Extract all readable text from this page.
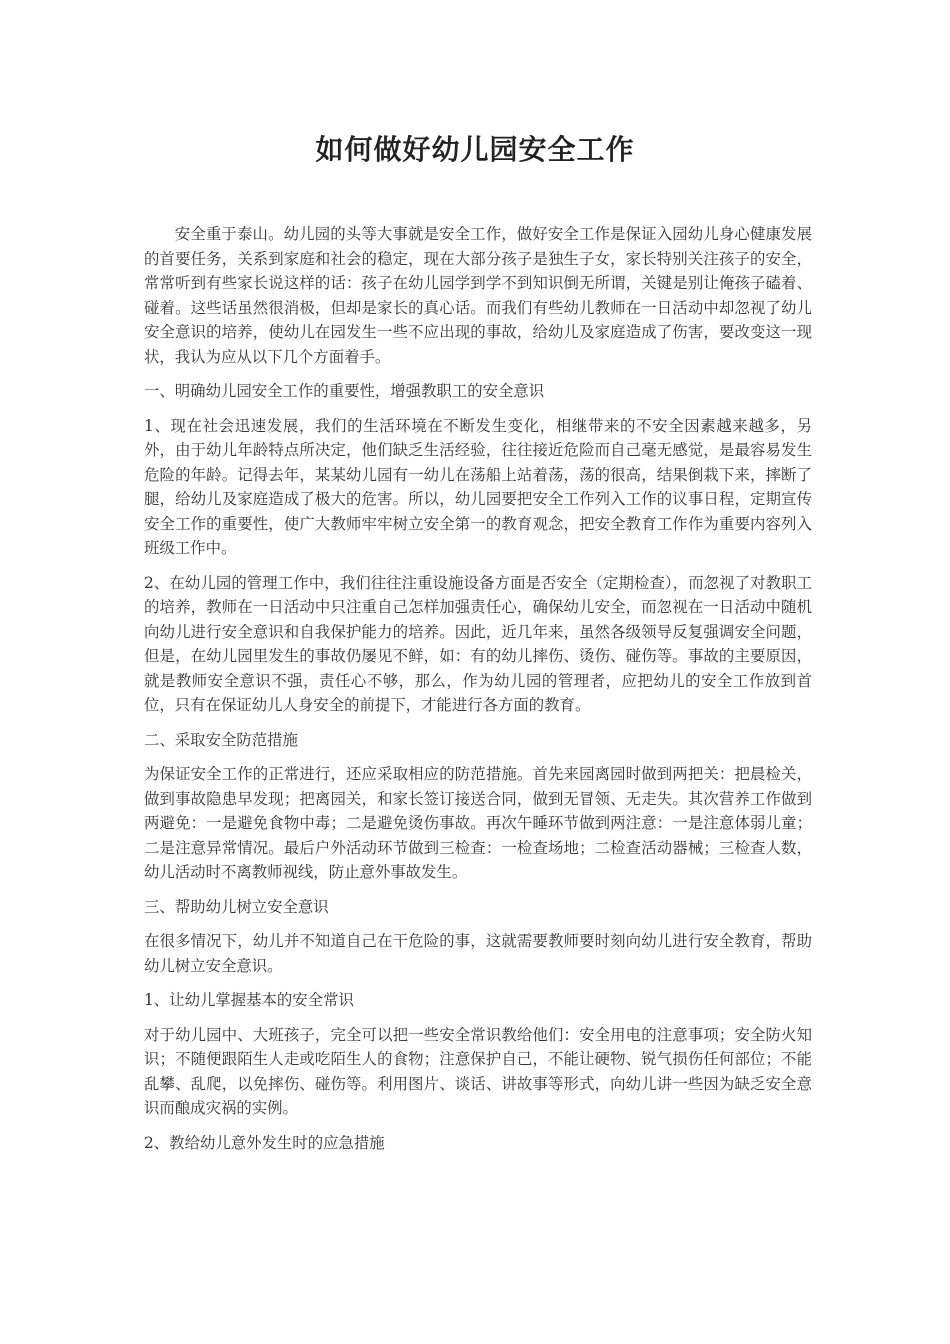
如何做好幼儿园安全工作

安全重于泰山。幼儿园的头等大事就是安全工作，做好安全工作是保证入园幼儿身心健康发展的首要任务，关系到家庭和社会的稳定，现在大部分孩子是独生子女，家长特别关注孩子的安全，常常听到有些家长说这样的话：孩子在幼儿园学到学不到知识倒无所谓，关键是别让俺孩子磕着、碰着。这些话虽然很消极，但却是家长的真心话。而我们有些幼儿教师在一日活动中却忽视了幼儿安全意识的培养，使幼儿在园发生一些不应出现的事故，给幼儿及家庭造成了伤害，要改变这一现状，我认为应从以下几个方面着手。

一、明确幼儿园安全工作的重要性，增强教职工的安全意识

1、现在社会迅速发展，我们的生活环境在不断发生变化，相继带来的不安全因素越来越多，另外，由于幼儿年龄特点所决定，他们缺乏生活经验，往往接近危险而自己毫无感觉，是最容易发生危险的年龄。记得去年，某某幼儿园有一幼儿在荡船上站着荡，荡的很高，结果倒栽下来，摔断了腿，给幼儿及家庭造成了极大的危害。所以，幼儿园要把安全工作列入工作的议事日程，定期宣传安全工作的重要性，使广大教师牢牢树立安全第一的教育观念，把安全教育工作作为重要内容列入班级工作中。

2、在幼儿园的管理工作中，我们往往注重设施设备方面是否安全（定期检查），而忽视了对教职工的培养，教师在一日活动中只注重自己怎样加强责任心，确保幼儿安全，而忽视在一日活动中随机向幼儿进行安全意识和自我保护能力的培养。因此，近几年来，虽然各级领导反复强调安全问题，但是，在幼儿园里发生的事故仍屡见不鲜，如：有的幼儿摔伤、烫伤、碰伤等。事故的主要原因，就是教师安全意识不强，责任心不够，那么，作为幼儿园的管理者，应把幼儿的安全工作放到首位，只有在保证幼儿人身安全的前提下，才能进行各方面的教育。

二、采取安全防范措施

为保证安全工作的正常进行，还应采取相应的防范措施。首先来园离园时做到两把关：把晨检关，做到事故隐患早发现；把离园关，和家长签订接送合同，做到无冒领、无走失。其次营养工作做到两避免：一是避免食物中毒；二是避免烫伤事故。再次午睡环节做到两注意：一是注意体弱儿童；二是注意异常情况。最后户外活动环节做到三检查：一检查场地；二检查活动器械；三检查人数，幼儿活动时不离教师视线，防止意外事故发生。

三、帮助幼儿树立安全意识

在很多情况下，幼儿并不知道自己在干危险的事，这就需要教师要时刻向幼儿进行安全教育，帮助幼儿树立安全意识。

1、让幼儿掌握基本的安全常识

对于幼儿园中、大班孩子，完全可以把一些安全常识教给他们：安全用电的注意事项；安全防火知识；不随便跟陌生人走或吃陌生人的食物；注意保护自己，不能让硬物、锐气损伤任何部位；不能乱攀、乱爬，以免摔伤、碰伤等。利用图片、谈话、讲故事等形式，向幼儿讲一些因为缺乏安全意识而酿成灾祸的实例。

2、教给幼儿意外发生时的应急措施
